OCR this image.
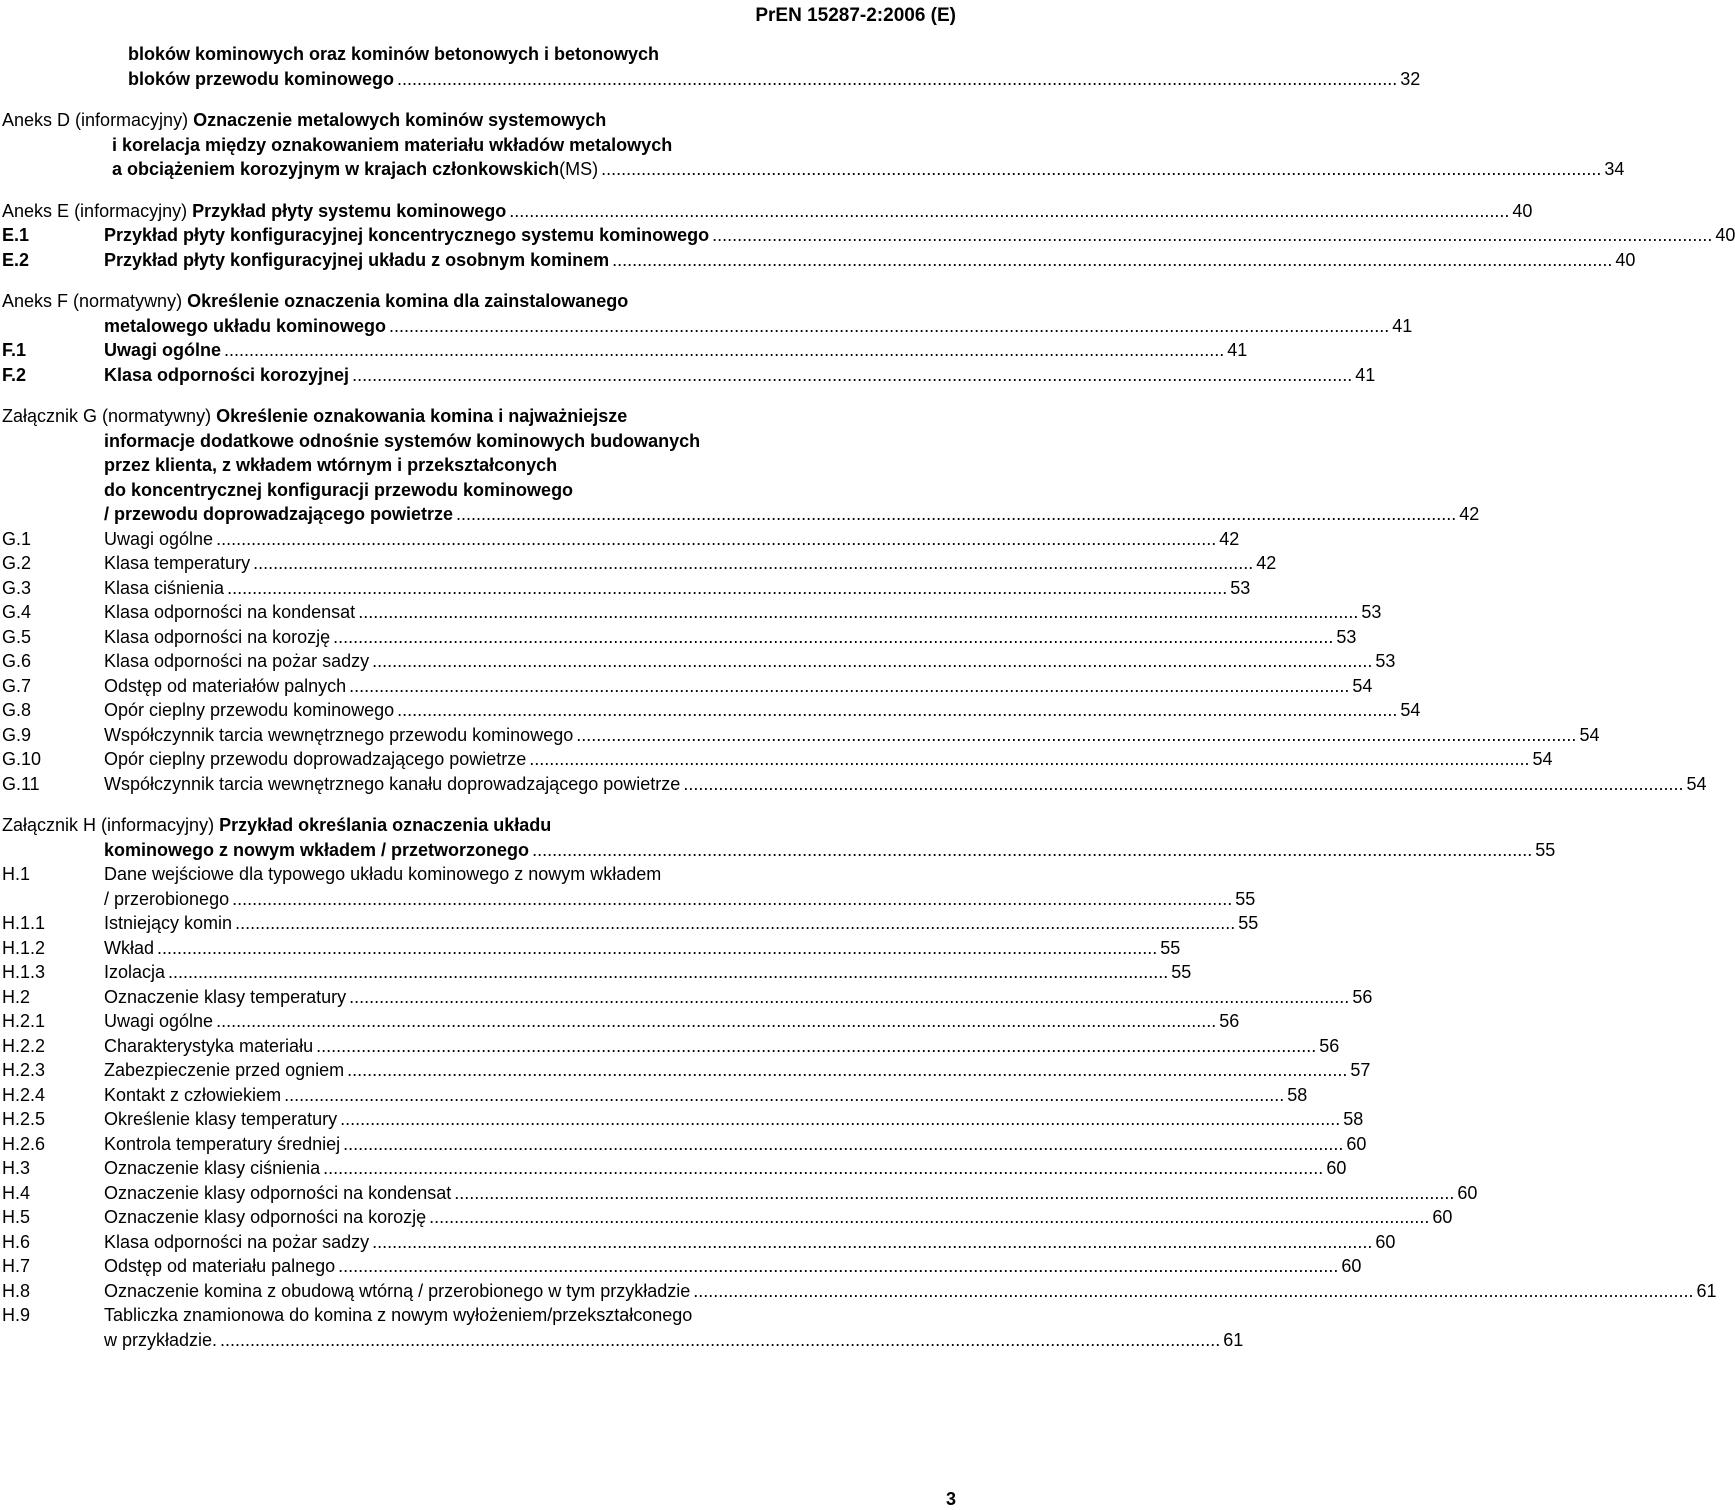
PrEN 15287-2:2006 (E)
bloków kominowych oraz kominów betonowych i betonowych
bloków przewodu kominowego ........................................................................................................................................................................................................ 32
Aneks D (informacyjny) Oznaczenie metalowych kominów systemowych
i korelacja między oznakowaniem materiału wkładów metalowych
a obciążeniem korozyjnym w krajach członkowskich (MS) ........................................................................................................................................................................................................ 34
Aneks E (informacyjny) Przykład płyty systemu kominowego ........................................................................................................................................................................................................ 40
E.1	Przykład płyty konfiguracyjnej koncentrycznego systemu kominowego ........................................................................................................................................................................................................ 40
E.2	Przykład płyty konfiguracyjnej układu z osobnym kominem ........................................................................................................................................................................................................ 40
Aneks F (normatywny) Określenie oznaczenia komina dla zainstalowanego
metalowego układu kominowego ........................................................................................................................................................................................................ 41
F.1	Uwagi ogólne ........................................................................................................................................................................................................ 41
F.2	Klasa odporności korozyjnej ........................................................................................................................................................................................................ 41
Załącznik G (normatywny) Określenie oznakowania komina i najważniejsze
informacje dodatkowe odnośnie systemów kominowych budowanych
przez klienta, z wkładem wtórnym i przekształconych
do koncentrycznej konfiguracji przewodu kominowego
/ przewodu doprowadzającego powietrze ........................................................................................................................................................................................................ 42
G.1	Uwagi ogólne ........................................................................................................................................................................................................ 42
G.2	Klasa temperatury ........................................................................................................................................................................................................ 42
G.3	Klasa ciśnienia ........................................................................................................................................................................................................ 53
G.4	Klasa odporności na kondensat ........................................................................................................................................................................................................ 53
G.5	Klasa odporności na korozję ........................................................................................................................................................................................................ 53
G.6	Klasa odporności na pożar sadzy ........................................................................................................................................................................................................ 53
G.7	Odstęp od materiałów palnych ........................................................................................................................................................................................................ 54
G.8	Opór cieplny przewodu kominowego ........................................................................................................................................................................................................ 54
G.9	Współczynnik tarcia wewnętrznego przewodu kominowego ........................................................................................................................................................................................................ 54
G.10	Opór cieplny przewodu doprowadzającego powietrze ........................................................................................................................................................................................................ 54
G.11	Współczynnik tarcia wewnętrznego kanału doprowadzającego powietrze ........................................................................................................................................................................................................ 54
Załącznik H (informacyjny) Przykład określania oznaczenia układu
kominowego z nowym wkładem / przetworzonego ........................................................................................................................................................................................................ 55
H.1	Dane wejściowe dla typowego układu kominowego z nowym wkładem
/ przerobionego ........................................................................................................................................................................................................ 55
H.1.1	Istniejący komin ........................................................................................................................................................................................................ 55
H.1.2	Wkład ........................................................................................................................................................................................................ 55
H.1.3	Izolacja ........................................................................................................................................................................................................ 55
H.2	Oznaczenie klasy temperatury ........................................................................................................................................................................................................ 56
H.2.1	Uwagi ogólne ........................................................................................................................................................................................................ 56
H.2.2	Charakterystyka materiału ........................................................................................................................................................................................................ 56
H.2.3	Zabezpieczenie przed ogniem ........................................................................................................................................................................................................ 57
H.2.4	Kontakt z człowiekiem ........................................................................................................................................................................................................ 58
H.2.5	Określenie klasy temperatury ........................................................................................................................................................................................................ 58
H.2.6	Kontrola temperatury średniej ........................................................................................................................................................................................................ 60
H.3	Oznaczenie klasy ciśnienia ........................................................................................................................................................................................................ 60
H.4	Oznaczenie klasy odporności na kondensat ........................................................................................................................................................................................................ 60
H.5	Oznaczenie klasy odporności na korozję ........................................................................................................................................................................................................ 60
H.6	Klasa odporności na pożar sadzy ........................................................................................................................................................................................................ 60
H.7	Odstęp od materiału palnego ........................................................................................................................................................................................................ 60
H.8	Oznaczenie komina z obudową wtórną / przerobionego w tym przykładzie ........................................................................................................................................................................................................ 61
H.9	Tabliczka znamionowa do komina z nowym wyłożeniem/przekształconego
w przykładzie. ........................................................................................................................................................................................................ 61
3
